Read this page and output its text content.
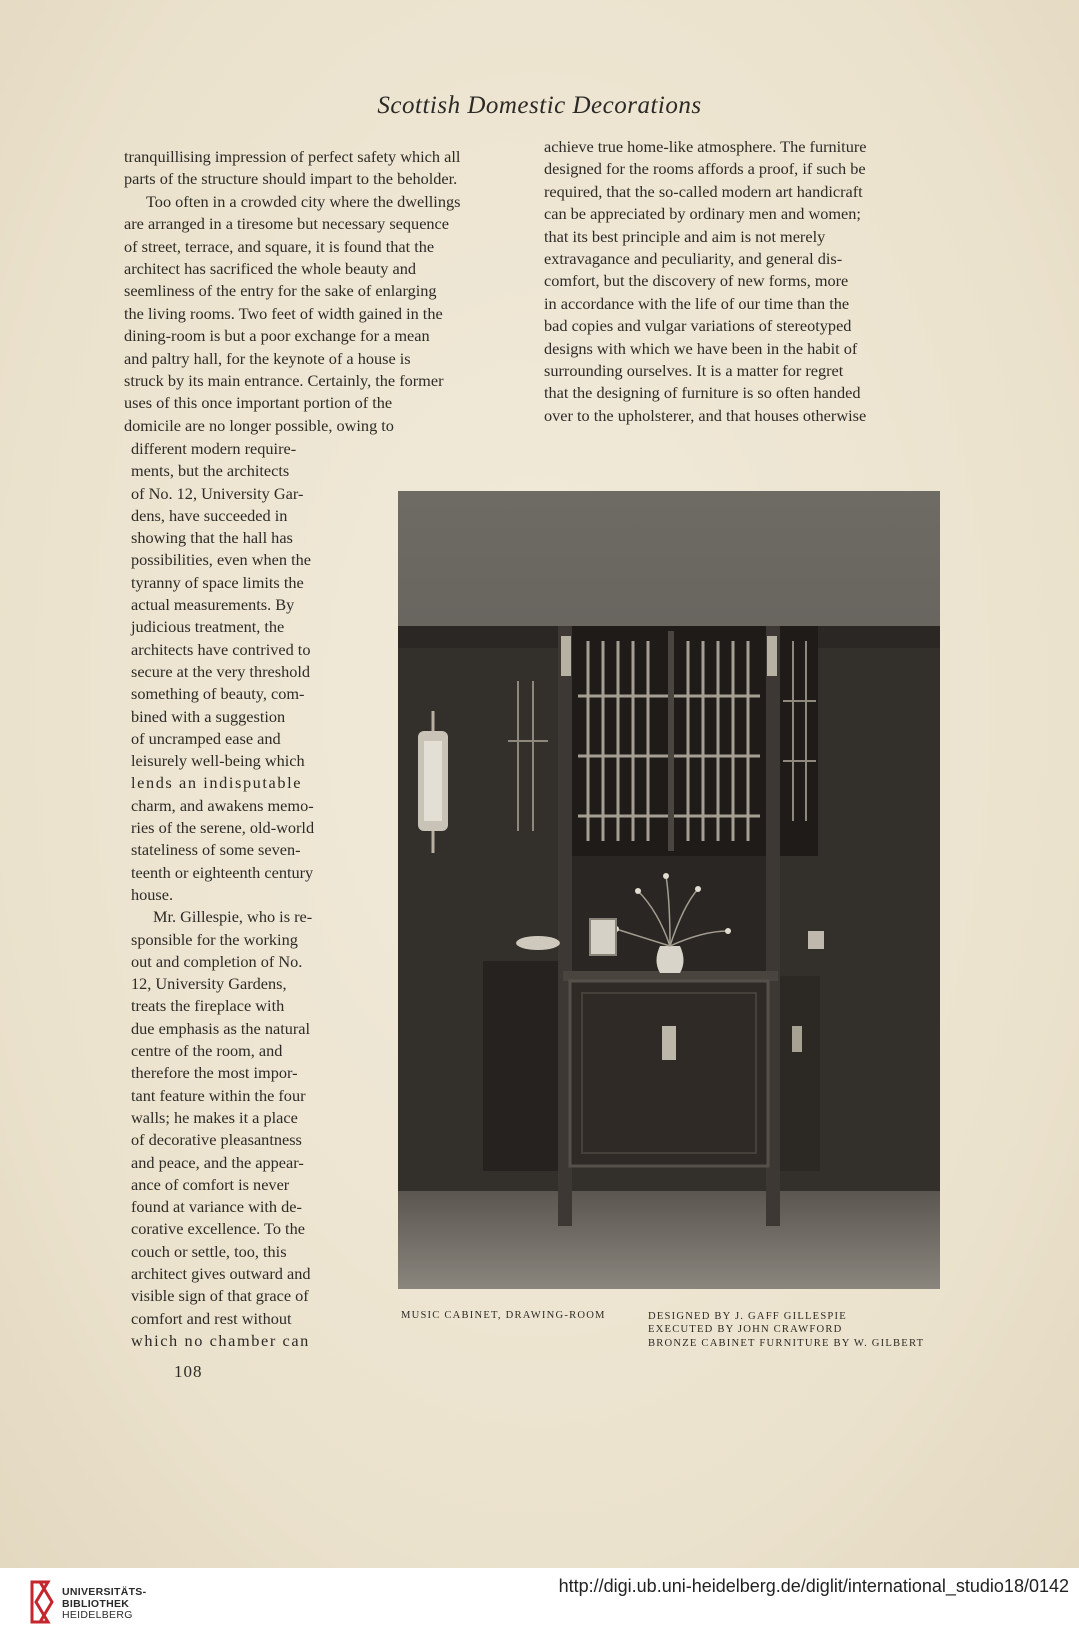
Scottish Domestic Decorations

tranquillising impression of perfect safety which all

parts of the structure should impart to the beholder.

Too often in a crowded city where the dwellings

are arranged in a tiresome but necessary sequence

of street, terrace, and square, it is found that the

architect has sacrificed the whole beauty and

seemliness of the entry for the sake of enlarging

the living rooms. Two feet of width gained in the

dining-room is but a poor exchange for a mean

and paltry hall, for the keynote of a house is

struck by its main entrance. Certainly, the former

uses of this once important portion of the

domicile are no longer possible, owing to

different modern require-

ments, but the architects

of No. 12, University Gar-

dens, have succeeded in

showing that the hall has

possibilities, even when the

tyranny of space limits the

actual measurements. By

judicious treatment, the

architects have contrived to

secure at the very threshold

something of beauty, com-

bined with a suggestion

of uncramped ease and

leisurely well-being which

lends an indisputable

charm, and awakens memo-

ries of the serene, old-world

stateliness of some seven-

teenth or eighteenth century

house.

Mr. Gillespie, who is re-

sponsible for the working

out and completion of No.

12, University Gardens,

treats the fireplace with

due emphasis as the natural

centre of the room, and

therefore the most impor-

tant feature within the four

walls; he makes it a place

of decorative pleasantness

and peace, and the appear-

ance of comfort is never

found at variance with de-

corative excellence. To the

couch or settle, too, this

architect gives outward and

visible sign of that grace of

comfort and rest without

which no chamber can

achieve true home-like atmosphere. The furniture

designed for the rooms affords a proof, if such be

required, that the so-called modern art handicraft

can be appreciated by ordinary men and women;

that its best principle and aim is not merely

extravagance and peculiarity, and general dis-

comfort, but the discovery of new forms, more

in accordance with the life of our time than the

bad copies and vulgar variations of stereotyped

designs with which we have been in the habit of

surrounding ourselves. It is a matter for regret

that the designing of furniture is so often handed

over to the upholsterer, and that houses otherwise

MUSIC CABINET, DRAWING-ROOM	DESIGNED BY J. GAFF GILLESPIE
EXECUTED BY JOHN CRAWFORD
BRONZE CABINET FURNITURE BY W. GILBERT
108
UNIVERSITÄTS-
BIBLIOTHEK
HEIDELBERG
http://digi.ub.uni-heidelberg.de/diglit/international_studio18/0142
